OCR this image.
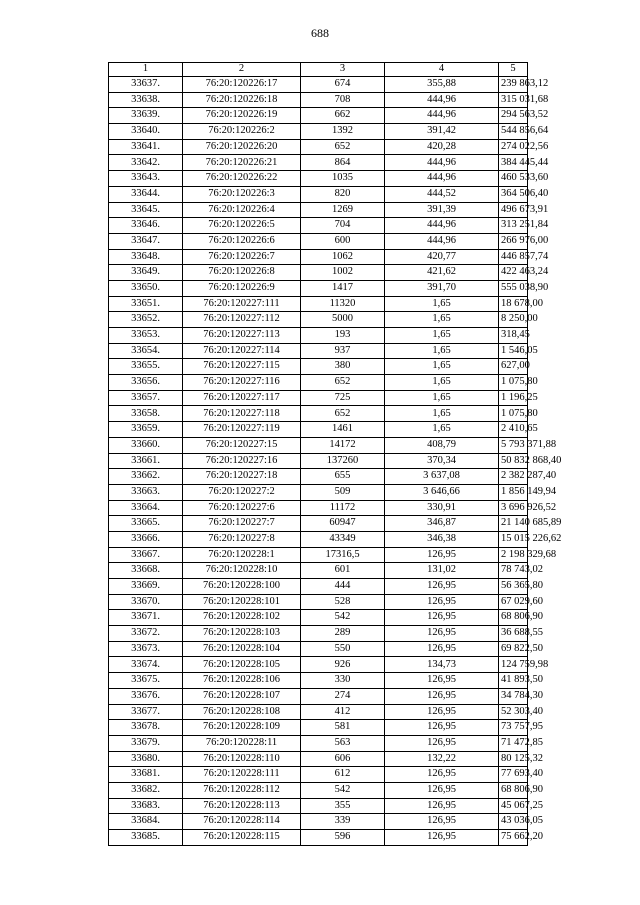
688
1	2	3	4	5
33637.	76:20:120226:17	674	355,88	239 863,12
33638.	76:20:120226:18	708	444,96	315 031,68
33639.	76:20:120226:19	662	444,96	294 563,52
33640.	76:20:120226:2	1392	391,42	544 856,64
33641.	76:20:120226:20	652	420,28	274 022,56
33642.	76:20:120226:21	864	444,96	384 445,44
33643.	76:20:120226:22	1035	444,96	460 533,60
33644.	76:20:120226:3	820	444,52	364 506,40
33645.	76:20:120226:4	1269	391,39	496 673,91
33646.	76:20:120226:5	704	444,96	313 251,84
33647.	76:20:120226:6	600	444,96	266 976,00
33648.	76:20:120226:7	1062	420,77	446 857,74
33649.	76:20:120226:8	1002	421,62	422 463,24
33650.	76:20:120226:9	1417	391,70	555 038,90
33651.	76:20:120227:111	11320	1,65	18 678,00
33652.	76:20:120227:112	5000	1,65	8 250,00
33653.	76:20:120227:113	193	1,65	318,45
33654.	76:20:120227:114	937	1,65	1 546,05
33655.	76:20:120227:115	380	1,65	627,00
33656.	76:20:120227:116	652	1,65	1 075,80
33657.	76:20:120227:117	725	1,65	1 196,25
33658.	76:20:120227:118	652	1,65	1 075,80
33659.	76:20:120227:119	1461	1,65	2 410,65
33660.	76:20:120227:15	14172	408,79	5 793 371,88
33661.	76:20:120227:16	137260	370,34	50 832 868,40
33662.	76:20:120227:18	655	3 637,08	2 382 287,40
33663.	76:20:120227:2	509	3 646,66	1 856 149,94
33664.	76:20:120227:6	11172	330,91	3 696 926,52
33665.	76:20:120227:7	60947	346,87	21 140 685,89
33666.	76:20:120227:8	43349	346,38	15 015 226,62
33667.	76:20:120228:1	17316,5	126,95	2 198 329,68
33668.	76:20:120228:10	601	131,02	78 743,02
33669.	76:20:120228:100	444	126,95	56 365,80
33670.	76:20:120228:101	528	126,95	67 029,60
33671.	76:20:120228:102	542	126,95	68 806,90
33672.	76:20:120228:103	289	126,95	36 688,55
33673.	76:20:120228:104	550	126,95	69 822,50
33674.	76:20:120228:105	926	134,73	124 759,98
33675.	76:20:120228:106	330	126,95	41 893,50
33676.	76:20:120228:107	274	126,95	34 784,30
33677.	76:20:120228:108	412	126,95	52 303,40
33678.	76:20:120228:109	581	126,95	73 757,95
33679.	76:20:120228:11	563	126,95	71 472,85
33680.	76:20:120228:110	606	132,22	80 125,32
33681.	76:20:120228:111	612	126,95	77 693,40
33682.	76:20:120228:112	542	126,95	68 806,90
33683.	76:20:120228:113	355	126,95	45 067,25
33684.	76:20:120228:114	339	126,95	43 036,05
33685.	76:20:120228:115	596	126,95	75 662,20
